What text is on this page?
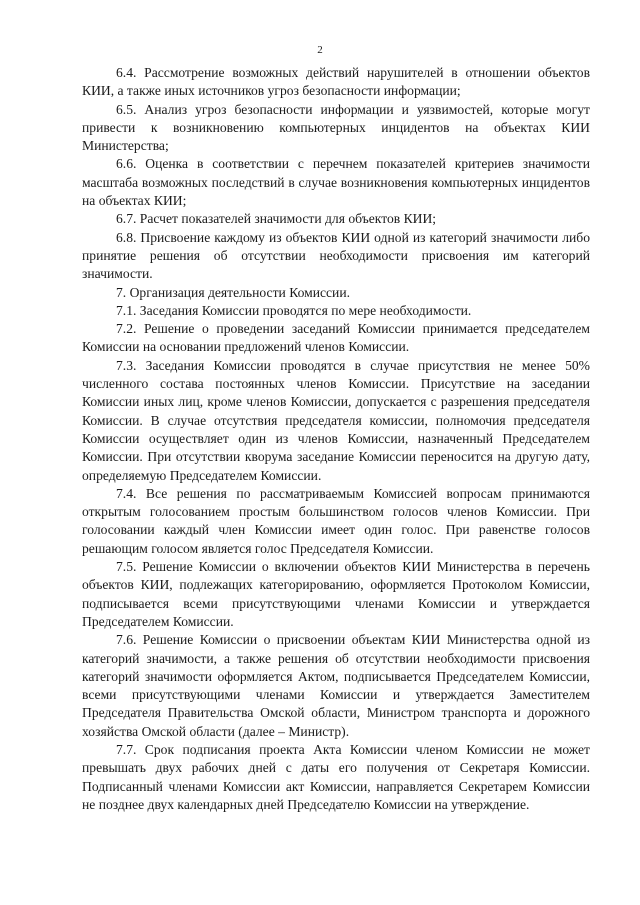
2

6.4. Рассмотрение возможных действий нарушителей в отношении объектов КИИ, а также иных источников угроз безопасности информации;

6.5. Анализ угроз безопасности информации и уязвимостей, которые могут привести к возникновению компьютерных инцидентов на объектах КИИ Министерства;

6.6. Оценка в соответствии с перечнем показателей критериев значимости масштаба возможных последствий в случае возникновения компьютерных инцидентов на объектах КИИ;

6.7. Расчет показателей значимости для объектов КИИ;

6.8. Присвоение каждому из объектов КИИ одной из категорий значимости либо принятие решения об отсутствии необходимости присвоения им категорий значимости.

7. Организация деятельности Комиссии.

7.1. Заседания Комиссии проводятся по мере необходимости.

7.2. Решение о проведении заседаний Комиссии принимается председателем Комиссии на основании предложений членов Комиссии.

7.3. Заседания Комиссии проводятся в случае присутствия не менее 50% численного состава постоянных членов Комиссии. Присутствие на заседании Комиссии иных лиц, кроме членов Комиссии, допускается с разрешения председателя Комиссии. В случае отсутствия председателя комиссии, полномочия председателя Комиссии осуществляет один из членов Комиссии, назначенный Председателем Комиссии. При отсутствии кворума заседание Комиссии переносится на другую дату, определяемую Председателем Комиссии.

7.4. Все решения по рассматриваемым Комиссией вопросам принимаются открытым голосованием простым большинством голосов членов Комиссии. При голосовании каждый член Комиссии имеет один голос. При равенстве голосов решающим голосом является голос Председателя Комиссии.

7.5. Решение Комиссии о включении объектов КИИ Министерства в перечень объектов КИИ, подлежащих категорированию, оформляется Протоколом Комиссии, подписывается всеми присутствующими членами Комиссии и утверждается Председателем Комиссии.

7.6. Решение Комиссии о присвоении объектам КИИ Министерства одной из категорий значимости, а также решения об отсутствии необходимости присвоения категорий значимости оформляется Актом, подписывается Председателем Комиссии, всеми присутствующими членами Комиссии и утверждается Заместителем Председателя Правительства Омской области, Министром транспорта и дорожного хозяйства Омской области (далее – Министр).

7.7. Срок подписания проекта Акта Комиссии членом Комиссии не может превышать двух рабочих дней с даты его получения от Секретаря Комиссии. Подписанный членами Комиссии акт Комиссии, направляется Секретарем Комиссии не позднее двух календарных дней Председателю Комиссии на утверждение.
